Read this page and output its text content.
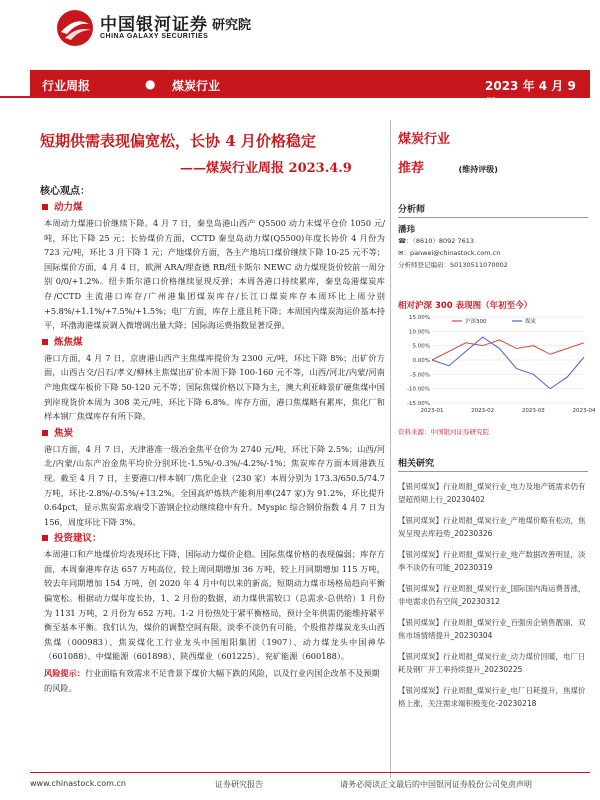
中国银河证券 研究院
CHINA GALAXY SECURITIES
行业周报	● 煤炭行业	2023 年 4 月 9 日
短期供需表现偏宽松，长协 4 月价格稳定
——煤炭行业周报 2023.4.9
核心观点：
动力煤
本周动力煤港口价继续下降。4 月 7 日，秦皇岛港山西产 Q5500 动力末煤平仓价 1050 元/吨，环比下降 25 元；长协煤价方面，CCTD 秦皇岛动力煤(Q5500)年度长协价 4 月份为 723 元/吨，环比 3 月下降 1 元；产地煤价方面，各主产地坑口煤价继续下降 10-25 元不等；国际煤价方面，4 月 4 日，欧洲 ARA/理查德 RB/纽卡斯尔 NEWC 动力煤现货价较前一周分别 0/0/+1.2%。纽卡斯尔港口价格继续显现反弹；本周各港口持续累库，秦皇岛港煤炭库存/CCTD 主流港口库存/广州港集团煤炭库存/长江口煤炭库存本周环比上周分别+5.8%/+1.1%/+7.5%/+1.5%；电厂方面，库存上涨且耗下降；本周国内煤炭海运价基本持平，环渤海港煤炭调入微增调出量大降；国际海运费指数显著反弹。
炼焦煤
港口方面，4 月 7 日，京唐港山西产主焦煤库提价为 2300 元/吨，环比下降 8%；出矿价方面，山西古交/吕石/孝义/柳林主焦煤出矿价本周下降 100-160 元不等，山西/河北/内蒙/河南产地焦煤车板价下降 50-120 元不等；国际焦煤价格以下降为主，澳大利亚峰景矿硬焦煤中国到岸现货价本周为 308 美元/吨，环比下降 6.8%。库存方面，港口焦煤略有累库，焦化厂和样本钢厂焦煤库存有所下降。
焦炭
港口方面，4 月 7 日，天津港准一级冶金焦平仓价为 2740 元/吨，环比下降 2.5%；山西/河北/内蒙/山东产冶金焦平均价分别环比-1.5%/-0.3%/-4.2%/-1%；焦炭库存方面本周港跌互现。截至 4 月 7 日，主要港口/样本钢厂/焦化企业（230 家）本周分别为 173.3/650.5/74.7 万吨，环比-2.8%/-0.5%/+13.2%。全国高炉炼铁产能利用率(247 家)为 91.2%，环比提升 0.64pct，显示焦炭需求端受下游钢企拉动继续稳中有升。Myspic 综合钢价指数 4 月 7 日为 156，周度环比下降 3%。
投资建议：
本周港口和产地煤价均表现环比下降，国际动力煤价企稳。国际焦煤价格的表现偏弱；库存方面，本周秦港库存达 657 万吨高位，较上周同期增加 36 万吨，较上月同期增加 115 万吨，较去年同期增加 154 万吨，创 2020 年 4 月中旬以来的新高，短期动力煤市场格局趋向平衡偏宽松。根据动力煤年度长协，1、2 月份的数据，动力煤供需较口（总需求-总供给）1 月份为 1131 万吨，2 月份为 652 万吨。1-2 月份热处于紧平衡格局，预计全年供需仍能维持紧平衡至基本平衡。我们认为，煤价的调整空间有限，淡季不淡仍有可能，个股推荐煤炭龙头山西焦煤（000983）、焦炭煤化工行业龙头中国旭阳集团（1907）、动力煤龙头中国神华（601088）、中煤能源（601898）、陕西煤业（601225）、兖矿能源（600188）。
风险提示：行业面临有效需求不足背景下煤价大幅下跌的风险，以及行业内国企改革不及预期的风险。
煤炭行业
推荐	(维持评级)
分析师
潘玮
☎：（8610）8092 7613
✉：panwei@chinastock.com.cn
分析师登记编码：S0130511070002
相对沪深 300 表现图（年初至今）
15.00%
10.00%
5.00%
0.00%
-5.00%
-10.00%
-15.00%
2023-01	2023-02	2023-03	2023-04
沪深300	煤炭
资料来源：中国银河证券研究院
相关研究
【银河煤炭】行业周报_煤炭行业_电力及地产链需求仍有望超预期上行_20230402
【银河煤炭】行业周报_煤炭行业_产地煤价略有松动，焦炭呈现去库趋势_20230326
【银河煤炭】行业周报_煤炭行业_地产数据改善明显，淡季不淡仍有可能_20230319
【银河煤炭】行业周报_煤炭行业_国际国内海运费普涨，非电需求仍有空间_20230312
【银河煤炭】行业周报_煤炭行业_百强房企销售靓丽，双焦市场情绪提升_20230304
【银河煤炭】行业周报_煤炭行业_动力煤价回暖，电厂日耗及钢厂开工率持续提升_20230225
【银河煤炭】行业周报_煤炭行业_电厂日耗提升，焦煤价格上涨，关注需求端积极变化-20230218
www.chinastock.com.cn	证券研究报告	请务必阅读正文最后的中国银河证券股份公司免责声明
